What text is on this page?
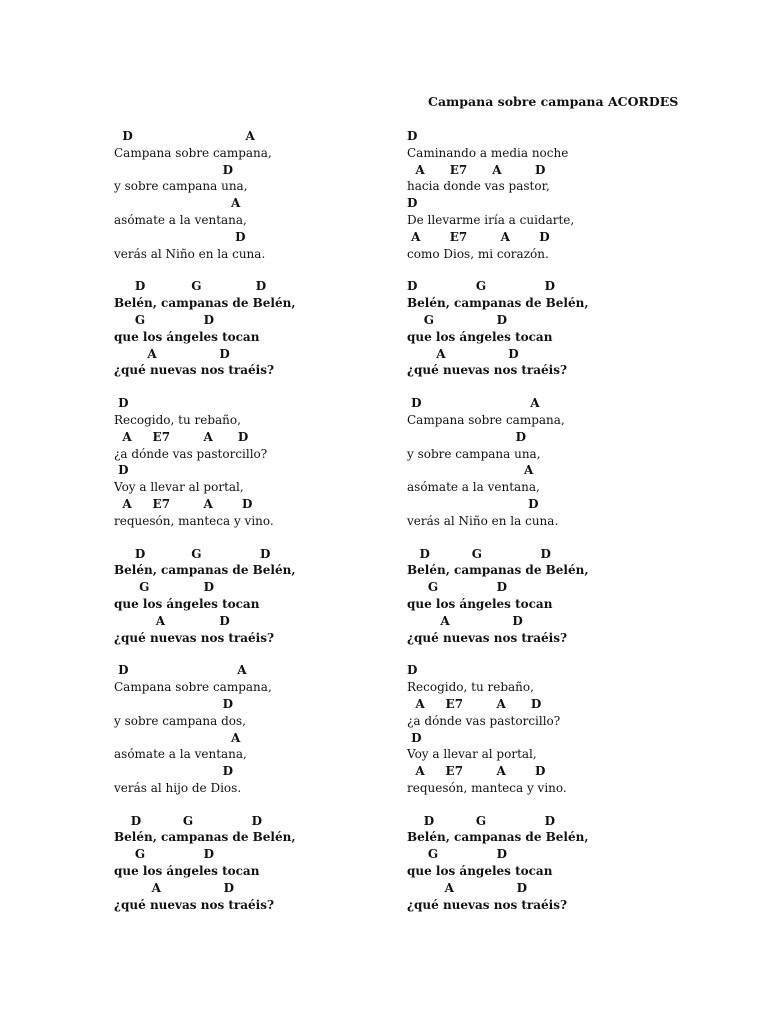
Campana sobre campana ACORDES
D                           A
Campana sobre campana,
D
y sobre campana una,
A
asómate a la ventana,
D
verás al Niño en la cuna.
D           G             D
Belén, campanas de Belén,
G              D
que los ángeles tocan
A               D
¿qué nuevas nos traéis?
D
Recogido, tu rebaño,
A     E7        A      D
¿a dónde vas pastorcillo?
D
Voy a llevar al portal,
A     E7        A       D
requesón, manteca y vino.
D           G              D
Belén, campanas de Belén,
G             D
que los ángeles tocan
A             D
¿qué nuevas nos traéis?
D                          A
Campana sobre campana,
D
y sobre campana dos,
A
asómate a la ventana,
D
verás al hijo de Dios.
D          G              D
Belén, campanas de Belén,
G              D
que los ángeles tocan
A               D
¿qué nuevas nos traéis?
D
Caminando a media noche
A      E7      A        D
hacia donde vas pastor,
D
De llevarme iría a cuidarte,
A       E7        A       D
como Dios, mi corazón.
D              G              D
Belén, campanas de Belén,
G               D
que los ángeles tocan
A               D
¿qué nuevas nos traéis?
D                          A
Campana sobre campana,
D
y sobre campana una,
A
asómate a la ventana,
D
verás al Niño en la cuna.
D          G              D
Belén, campanas de Belén,
G              D
que los ángeles tocan
A               D
¿qué nuevas nos traéis?
D
Recogido, tu rebaño,
A     E7        A      D
¿a dónde vas pastorcillo?
D
Voy a llevar al portal,
A     E7        A       D
requesón, manteca y vino.
D          G              D
Belén, campanas de Belén,
G              D
que los ángeles tocan
A               D
¿qué nuevas nos traéis?
